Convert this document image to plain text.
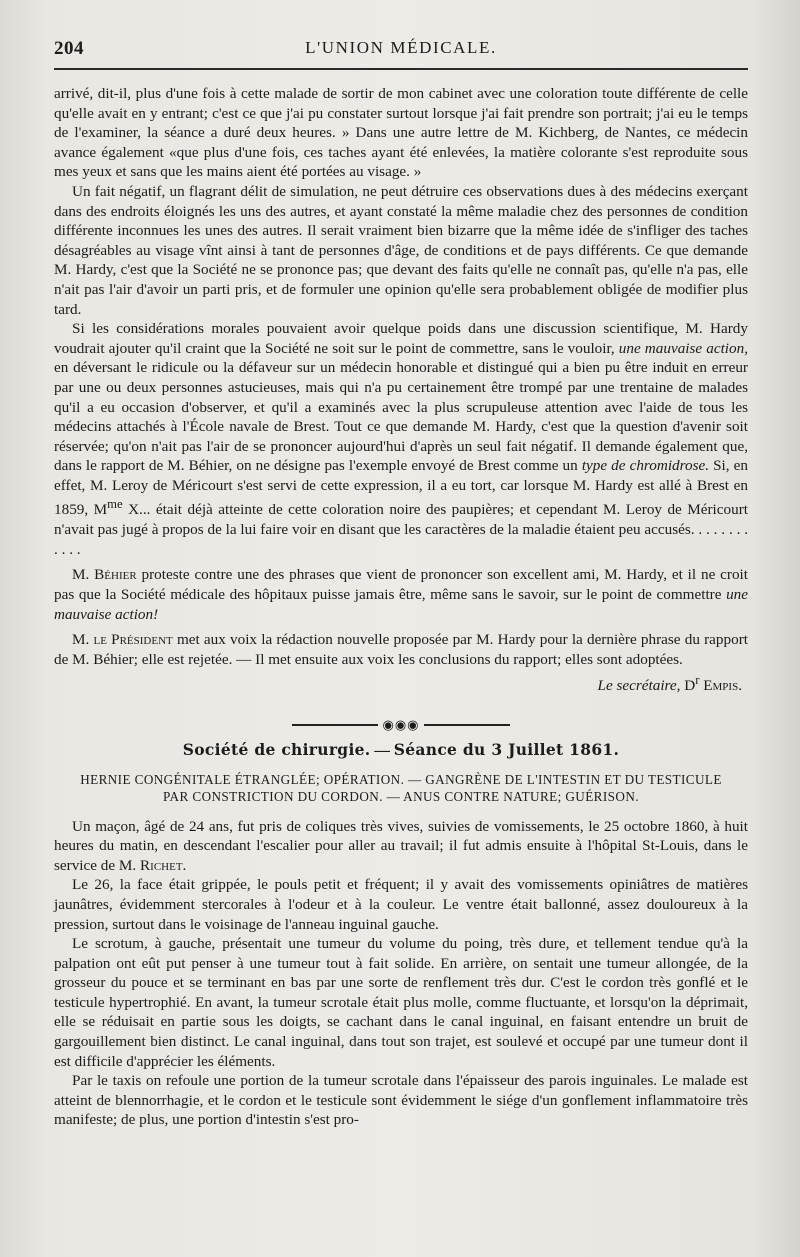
204	L'UNION MÉDICALE.

arrivé, dit-il, plus d'une fois à cette malade de sortir de mon cabinet avec une coloration toute différente de celle qu'elle avait en y entrant; c'est ce que j'ai pu constater surtout lorsque j'ai fait prendre son portrait; j'ai eu le temps de l'examiner, la séance a duré deux heures. » Dans une autre lettre de M. Kichberg, de Nantes, ce médecin avance également «que plus d'une fois, ces taches ayant été enlevées, la matière colorante s'est reproduite sous mes yeux et sans que les mains aient été portées au visage. »

Un fait négatif, un flagrant délit de simulation, ne peut détruire ces observations dues à des médecins exerçant dans des endroits éloignés les uns des autres, et ayant constaté la même maladie chez des personnes de condition différente inconnues les unes des autres. Il serait vraiment bien bizarre que la même idée de s'infliger des taches désagréables au visage vînt ainsi à tant de personnes d'âge, de conditions et de pays différents. Ce que demande M. Hardy, c'est que la Société ne se prononce pas; que devant des faits qu'elle ne connaît pas, qu'elle n'a pas, elle n'ait pas l'air d'avoir un parti pris, et de formuler une opinion qu'elle sera probablement obligée de modifier plus tard.

Si les considérations morales pouvaient avoir quelque poids dans une discussion scientifique, M. Hardy voudrait ajouter qu'il craint que la Société ne soit sur le point de commettre, sans le vouloir, une mauvaise action, en déversant le ridicule ou la défaveur sur un médecin honorable et distingué qui a bien pu être induit en erreur par une ou deux personnes astucieuses, mais qui n'a pu certainement être trompé par une trentaine de malades qu'il a eu occasion d'observer, et qu'il a examinés avec la plus scrupuleuse attention avec l'aide de tous les médecins attachés à l'École navale de Brest. Tout ce que demande M. Hardy, c'est que la question d'avenir soit réservée; qu'on n'ait pas l'air de se prononcer aujourd'hui d'après un seul fait négatif. Il demande également que, dans le rapport de M. Béhier, on ne désigne pas l'exemple envoyé de Brest comme un type de chromidrose. Si, en effet, M. Leroy de Méricourt s'est servi de cette expression, il a eu tort, car lorsque M. Hardy est allé à Brest en 1859, $M^{me}$ X... était déjà atteinte de cette coloration noire des paupières; et cependant M. Leroy de Méricourt n'avait pas jugé à propos de la lui faire voir en disant que les caractères de la maladie étaient peu accusés. . . . . . . . . . . .

M. Béhier proteste contre une des phrases que vient de prononcer son excellent ami, M. Hardy, et il ne croit pas que la Société médicale des hôpitaux puisse jamais être, même sans le savoir, sur le point de commettre une mauvaise action!

M. le Président met aux voix la rédaction nouvelle proposée par M. Hardy pour la dernière phrase du rapport de M. Béhier; elle est rejetée. — Il met ensuite aux voix les conclusions du rapport; elles sont adoptées.

Le secrétaire, $D^r$ Empis.
◉◉◉
Société de chirurgie. — Séance du 3 Juillet 1861.
HERNIE CONGÉNITALE ÉTRANGLÉE; OPÉRATION. — GANGRÈNE DE L'INTESTIN ET DU TESTICULE
PAR CONSTRICTION DU CORDON. — ANUS CONTRE NATURE; GUÉRISON.

Un maçon, âgé de 24 ans, fut pris de coliques très vives, suivies de vomissements, le 25 octobre 1860, à huit heures du matin, en descendant l'escalier pour aller au travail; il fut admis ensuite à l'hôpital St-Louis, dans le service de M. Richet.

Le 26, la face était grippée, le pouls petit et fréquent; il y avait des vomissements opiniâtres de matières jaunâtres, évidemment stercorales à l'odeur et à la couleur. Le ventre était ballonné, assez douloureux à la pression, surtout dans le voisinage de l'anneau inguinal gauche.

Le scrotum, à gauche, présentait une tumeur du volume du poing, très dure, et tellement tendue qu'à la palpation ont eût put penser à une tumeur tout à fait solide. En arrière, on sentait une tumeur allongée, de la grosseur du pouce et se terminant en bas par une sorte de renflement très dur. C'est le cordon très gonflé et le testicule hypertrophié. En avant, la tumeur scrotale était plus molle, comme fluctuante, et lorsqu'on la déprimait, elle se réduisait en partie sous les doigts, se cachant dans le canal inguinal, en faisant entendre un bruit de gargouillement bien distinct. Le canal inguinal, dans tout son trajet, est soulevé et occupé par une tumeur dont il est difficile d'apprécier les éléments.

Par le taxis on refoule une portion de la tumeur scrotale dans l'épaisseur des parois inguinales. Le malade est atteint de blennorrhagie, et le cordon et le testicule sont évidemment le siége d'un gonflement inflammatoire très manifeste; de plus, une portion d'intestin s'est pro-
